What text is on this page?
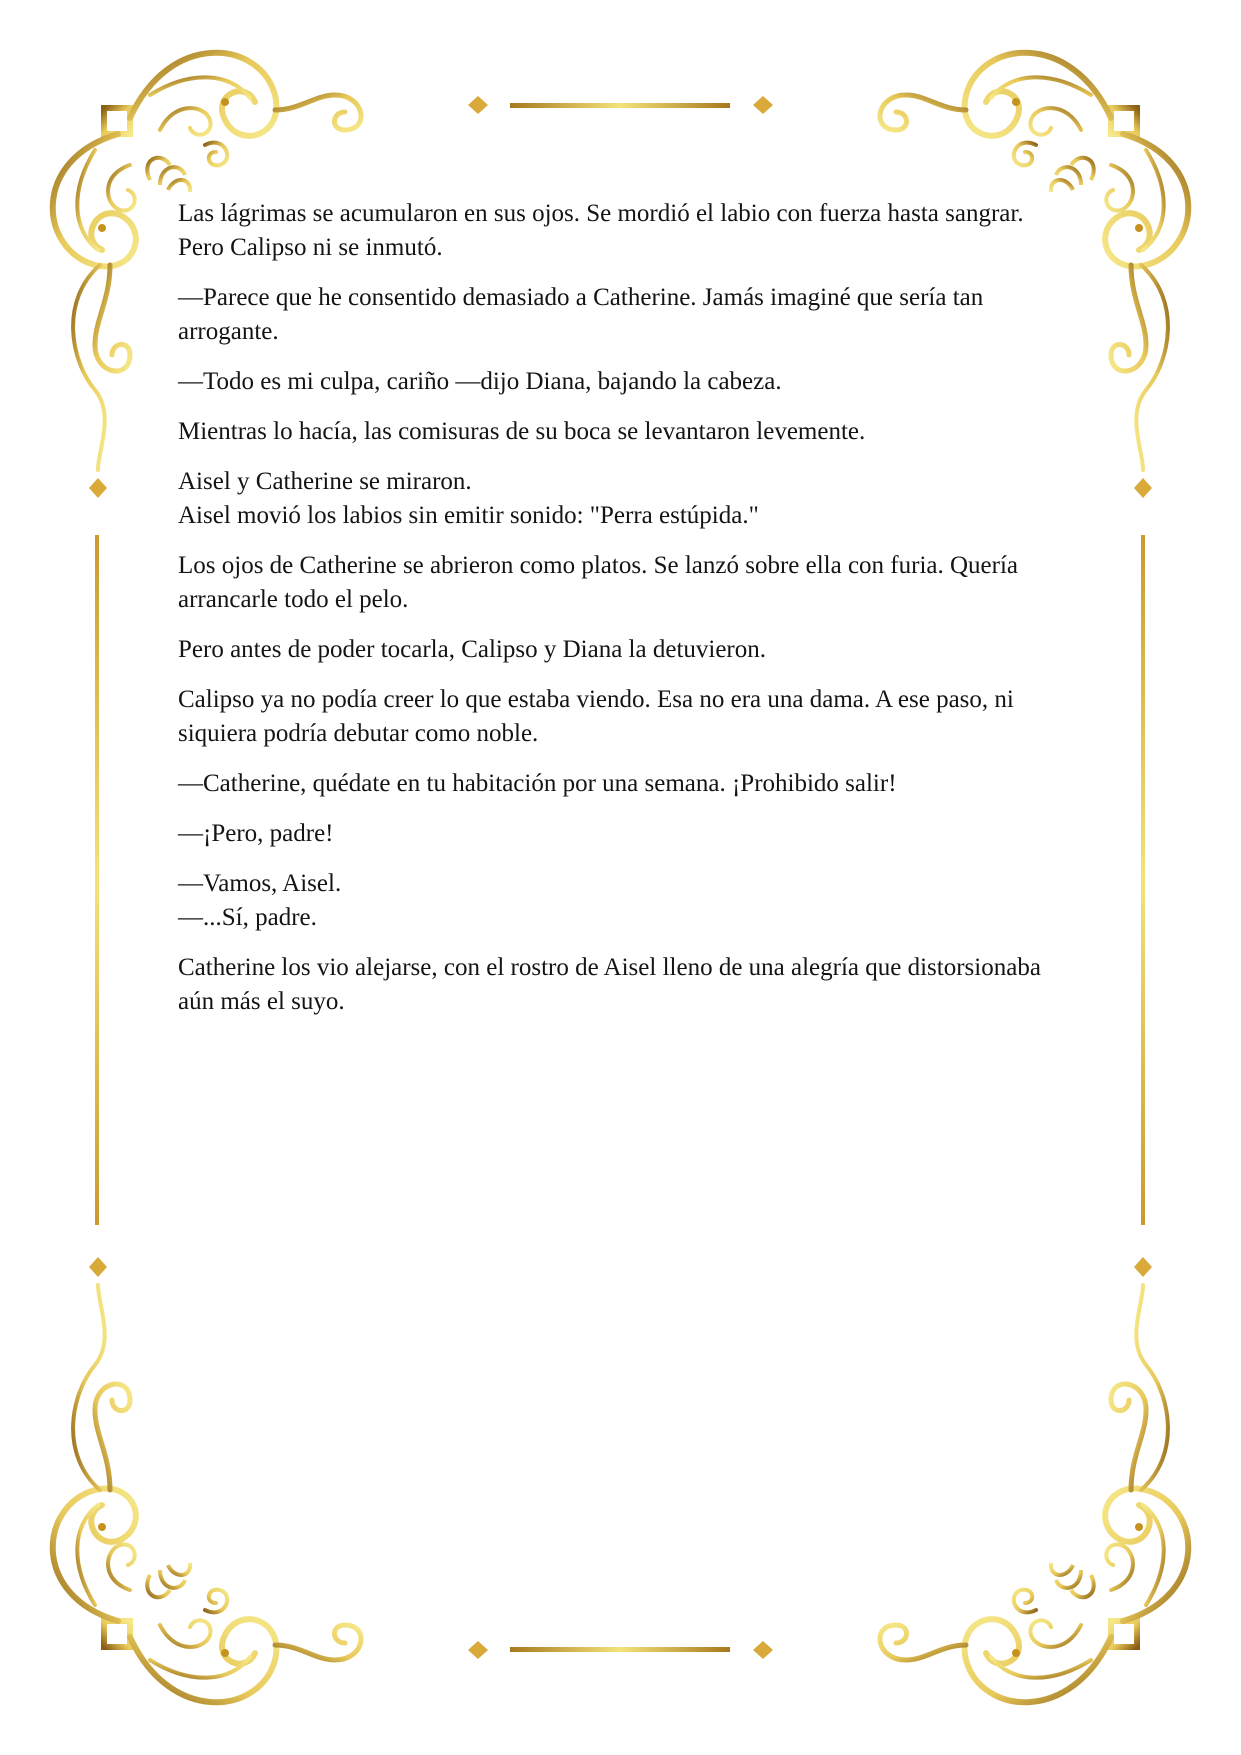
Las lágrimas se acumularon en sus ojos. Se mordió el labio con fuerza hasta sangrar.

Pero Calipso ni se inmutó.

—Parece que he consentido demasiado a Catherine. Jamás imaginé que sería tan arrogante.

—Todo es mi culpa, cariño —dijo Diana, bajando la cabeza.

Mientras lo hacía, las comisuras de su boca se levantaron levemente.

Aisel y Catherine se miraron.

Aisel movió los labios sin emitir sonido: "Perra estúpida."

Los ojos de Catherine se abrieron como platos. Se lanzó sobre ella con furia. Quería arrancarle todo el pelo.

Pero antes de poder tocarla, Calipso y Diana la detuvieron.

Calipso ya no podía creer lo que estaba viendo. Esa no era una dama. A ese paso, ni siquiera podría debutar como noble.

—Catherine, quédate en tu habitación por una semana. ¡Prohibido salir!

—¡Pero, padre!

—Vamos, Aisel.

—...Sí, padre.

Catherine los vio alejarse, con el rostro de Aisel lleno de una alegría que distorsionaba aún más el suyo.
